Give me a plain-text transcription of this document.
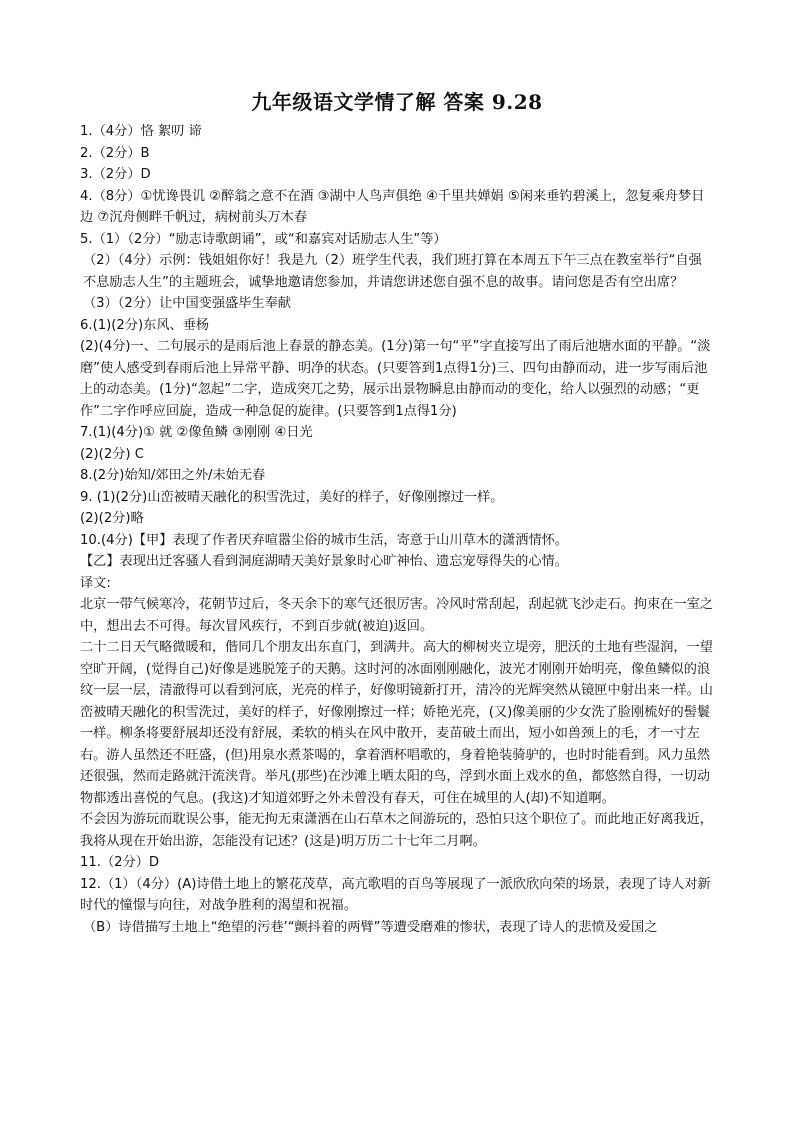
九年级语文学情了解 答案 9.28

1.（4分）恪 絮叨 谛

2.（2分）B

3.（2分）D

4.（8分）①忧谗畏讥 ②醉翁之意不在酒 ③湖中人鸟声俱绝 ④千里共婵娟 ⑤闲来垂钓碧溪上，忽复乘舟梦日边 ⑦沉舟侧畔千帆过，病树前头万木春

5.（1）（2分）“励志诗歌朗诵”，或“和嘉宾对话励志人生”等）

（2）（4分）示例：钱姐姐你好！我是九（2）班学生代表，我们班打算在本周五下午三点在教室举行“自强不息励志人生”的主题班会，诚挚地邀请您参加，并请您讲述您自强不息的故事。请问您是否有空出席？

（3）（2分）让中国变强盛毕生奉献

6.(1)(2分)东风、垂杨

(2)(4分)一、二句展示的是雨后池上春景的静态美。(1分)第一句“平”字直接写出了雨后池塘水面的平静。“淡磨”使人感受到春雨后池上异常平静、明净的状态。(只要答到1点得1分)三、四句由静而动，进一步写雨后池上的动态美。(1分)“忽起”二字，造成突兀之势，展示出景物瞬息由静而动的变化，给人以强烈的动感；“更作”二字作呼应回旋，造成一种急促的旋律。(只要答到1点得1分)

7.(1)(4分)① 就 ②像鱼鳞 ③刚刚 ④日光

(2)(2分) C

8.(2分)始知/郊田之外/未始无春

9. (1)(2分)山峦被晴天融化的积雪洗过，美好的样子，好像刚擦过一样。

(2)(2分)略

10.(4分)【甲】表现了作者厌弃喧嚣尘俗的城市生活，寄意于山川草木的潇洒情怀。

【乙】表现出迁客骚人看到洞庭湖晴天美好景象时心旷神怡、遗忘宠辱得失的心情。

译文:

北京一带气候寒冷，花朝节过后，冬天余下的寒气还很厉害。冷风时常刮起，刮起就飞沙走石。拘束在一室之中，想出去不可得。每次冒风疾行，不到百步就(被迫)返回。

二十二日天气略微暖和，偕同几个朋友出东直门，到满井。高大的柳树夹立堤旁，肥沃的土地有些湿润，一望空旷开阔，(觉得自己)好像是逃脱笼子的天鹅。这时河的冰面刚刚融化，波光才刚刚开始明亮，像鱼鳞似的浪纹一层一层，清澈得可以看到河底，光亮的样子，好像明镜新打开，清冷的光辉突然从镜匣中射出来一样。山峦被晴天融化的积雪洗过，美好的样子，好像刚擦过一样；娇艳光亮，(又)像美丽的少女洗了脸刚梳好的髻鬟一样。柳条将要舒展却还没有舒展，柔软的梢头在风中散开，麦苗破土而出，短小如兽颈上的毛，才一寸左右。游人虽然还不旺盛，(但)用泉水煮茶喝的，拿着酒杯唱歌的，身着艳装骑驴的，也时时能看到。风力虽然还很强，然而走路就汗流浃背。举凡(那些)在沙滩上晒太阳的鸟，浮到水面上戏水的鱼，都悠然自得，一切动物都透出喜悦的气息。(我这)才知道郊野之外未曾没有春天，可住在城里的人(却)不知道啊。

不会因为游玩而耽误公事，能无拘无束潇洒在山石草木之间游玩的，恐怕只这个职位了。而此地正好离我近，我将从现在开始出游，怎能没有记述？(这是)明万历二十七年二月啊。

11.（2分）D

12.（1）（4分）(A)诗借土地上的繁花茂草，高亢歌唱的百鸟等展现了一派欣欣向荣的场景，表现了诗人对新时代的憧憬与向往，对战争胜利的渴望和祝福。

（B）诗借描写土地上“绝望的污巷’“颤抖着的两臂”等遭受磨难的惨状，表现了诗人的悲愤及爱国之
